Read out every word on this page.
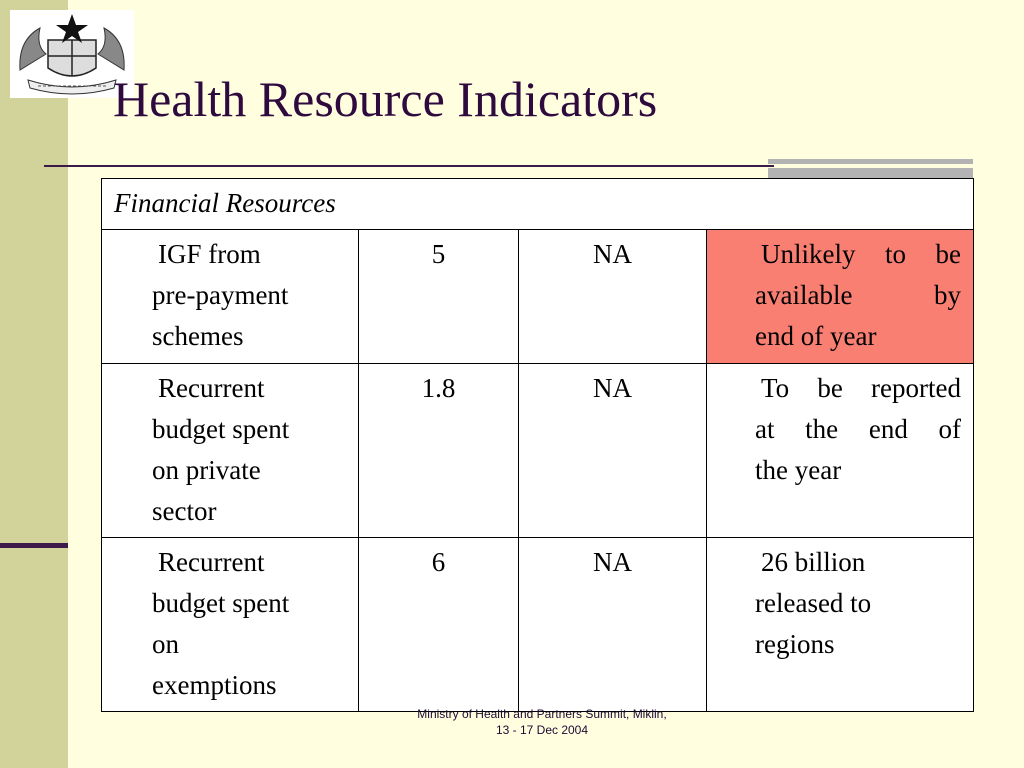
Health Resource Indicators
Financial Resources			

IGF from
pre-payment
schemes	5	NA	Unlikely to be
available by
end of year

Recurrent
budget spent
on private
sector	1.8	NA	To be reported
at the end of
the year

Recurrent
budget spent
on
exemptions	6	NA	26 billion
released to
regions
Ministry of Health and Partners Summit, Miklin,
13 - 17 Dec 2004
